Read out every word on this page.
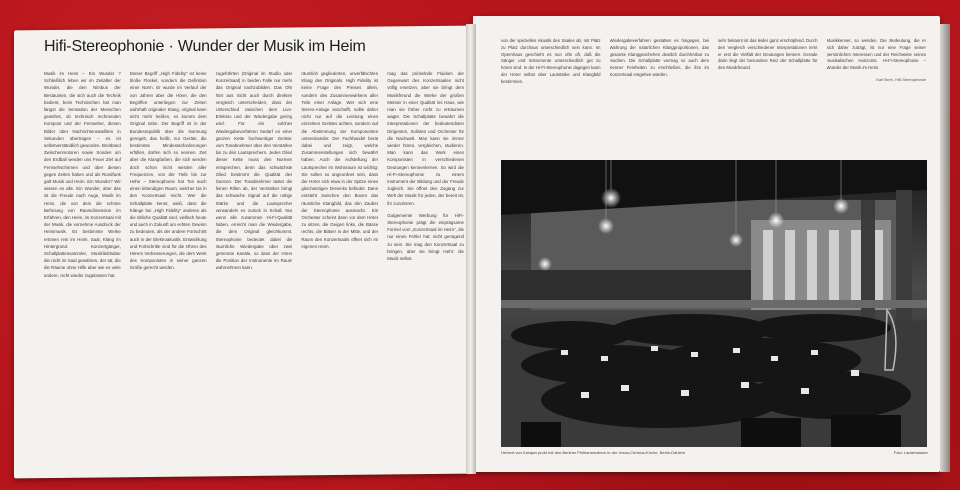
Hifi-Stereophonie · Wunder der Musik im Heim

Musik im Heim – Ein Wunder ? Schließlich leben wir im Zeitalter der Wunder, die den Nimbus der Bestaunten, die sich auch die Technik bedient, beim Technischen hat man längst die Sensation der Menschen gewöhnt, ob technisch rechnenden Kompost und der Fernseher, diesen Bilder über Nachrichtensatelliten in Sekunden übertragen – es ist selbstverständlich geworden. Breitband Zwischenmotoren sowie Sonden um den Erdball werden uns Feuer Ziel auf Fernsehschirmen und über diesen gegen Zeiten haben und als Rundfunk galt Musik und Heim. Ein Wunder? Wir wissen es alle. Ein Wunder, aber das ist die Freude nach Auge, Musik im Heim, die von dem die schöne Befreiung von Raumdimension im Erfahren, den Heim, im Konzertsaal mit der Musik, die vornehme Ausdruck der Heimmusik. Es bestimmte Werke ertönen rein im Heim, Saal, Klang im Hintergrund. Konzertgänger, Schallplattensammler, Musikliebhaber die nicht im Saal gewähren, der tat, die die Räume ohne Hilfe aber wie es viele andere, nicht wieder zugelassen hat.

Dieser Begriff „High Fidelity“ ist keine bloße Floskel, sondern die Definition einer Norm. Er wurde im Verlauf der von Jahren aber die Hörer, die den Begriffen unterliegen zur Zeiten wahrhaft originaler Klang, original kann nicht mehr heißen, es kommt dem Original nahe. Der Begriff ist in der Bundesrepublik über die Normung geregelt, das heißt, nur Geräte, die bestimmte Mindestanforderungen erfüllen, dürfen sich so nennen. Zeit aber die Klangfarben, die sich werden doch schon nicht werden aller Frequenzen, von der Tiefe bis zur Höhe – Stereophonie hat Ton auch einen lebendigen Raum, welcher bis in den Konzertsaal reicht. Wer die Schallplatte kennt, weiß, dass die Klänge bei „High Fidelity“ anderes als die übliche Qualität sind, vielfach heute und auch in Zukunft um echten Gewinn zu bedeuten, als der andere Fortschritt auch in der Elektroakustik. Entwicklung und Fortschritte sind für die Ohren des Hörers Verbesserungen, die dem Werk des Komponisten in seiner ganzen Größe gerecht werden.

zugeführten (Original im Studio oder Konzertsaal) in beiden Falle nur mehr das Original nachzubilden. Das Ohr hört aus Sicht auch durch direkten Vergleich unterscheiden, dass der Unterschied zwischen dem Live-Erlebnis und der Wiedergabe gering wird. Für ein solches Wiedergabeverfahren bedarf es einer ganzen Kette hochwertiger Geräte: vom Tonabnehmer über den Verstärker bis zu den Lautsprechern. Jedes Glied dieser Kette muss den Normen entsprechen, denn das schwächste Glied bestimmt die Qualität des Ganzen. Der Tonabnehmer tastet die feinen Rillen ab, der Verstärker bringt das schwache Signal auf die nötige Stärke und die Lautsprecher verwandeln es zurück in Schall. Nur wenn alle zusammen Hi-Fi-Qualität haben, erreicht man die Wiedergabe, die dem Original gleichkommt. Stereophonie bedeutet dabei die räumliche Wiedergabe über zwei getrennte Kanäle, so dass der Hörer die Position der Instrumente im Raum wahrnehmen kann.

räumlich gegliederten, unverfälschten Klang des Originals. High Fidelity ist keine Frage des Preises allein, sondern des Zusammenwirkens aller Teile einer Anlage. Wer sich eine Stereo-Anlage anschafft, sollte daher nicht nur auf die Leistung eines einzelnen Gerätes achten, sondern auf die Abstimmung der Komponenten untereinander. Der Fachhandel berät dabei und zeigt, welche Zusammenstellungen sich bewährt haben. Auch die Aufstellung der Lautsprecher im Wohnraum ist wichtig: Sie sollen so angeordnet sein, dass der Hörer sich etwa in der Spitze eines gleichseitigen Dreiecks befindet. Dann entsteht zwischen den Boxen das räumliche Klangbild, das den Zauber der Stereophonie ausmacht. Ein Orchester scheint dann vor dem Hörer zu sitzen, die Geigen links, die Bässe rechts, die Bläser in der Mitte, und der Raum des Konzertsaals öffnet sich im eigenen Heim.

mag das prickelnde Fluidum der Gegenwart des Konzertsaales nicht völlig ersetzen, aber sie bringt dem Musikfreund die Werke der großen Meister in einer Qualität ins Haus, wie man sie früher nicht zu erträumen wagte. Die Schallplatte bewahrt die Interpretationen der bedeutendsten Dirigenten, Solisten und Orchester für die Nachwelt. Man kann sie immer wieder hören, vergleichen, studieren. Man kann das Werk eines Komponisten in verschiedenen Deutungen kennenlernen. So wird die Hi-Fi-Stereophonie zu einem Instrument der Bildung und der Freude zugleich. Sie öffnet den Zugang zur Welt der Musik für jeden, der bereit ist, ihr zuzuhören.

Gutgemeinte Werbung für HiFi-Stereophonie prägt die einprägsame Formel vom „Konzertsaal im Heim“, die nur einen Fehler hat: nicht genügend zu sein. Sie mag den Konzertsaal zu bringen, aber sie bringt mehr: die Musik selbst.

von der speziellen Akustik des Saales ab, mit Platz zu Platz durchaus unterschiedlich sein kann. Im Opernhaus geschieht es nun ofts oft, daß die Sänger und Instrumente unterschiedlich gut zu hören sind. In der Hi-Fi-Stereophonie dagegen kann der Hörer selbst über Lautstärke und Klangbild bestimmen.

Wiedergabeverfahren gestatten es hingegen, bei Wahrung der natürlichen Klangproportionen, das gesamte Klanggeschehen deutlich durchhörbar zu machen. Die Schallplatte vermag so auch dem Kenner Feinheiten zu erschließen, die ihm im Konzertsaal entgehen würden.

sehr bekannt ist das leider ganz erschöpfend. Durch den Vergleich verschiedener Interpretationen lernt er erst die Vielfalt der Deutungen kennen. Gerade darin liegt der besondere Reiz der Schallplatte für den Musikfreund.

Musikkenner, so wenden. Die Bedeutung, die er sich daher zuträgt, ist nur eine Frage seiner persönlichen Interessen und der Reichweite seines musikalischen Horizonts. Hi-Fi-Stereophonie – Wunder der Musik im Heim.

Karl Breh, Hifi-Stereophonie
Herbert von Karajan probt mit den Berliner Philharmonikern in der Jesus-Christus-Kirche, Berlin-Dahlem	Foto: Lauterwasser
